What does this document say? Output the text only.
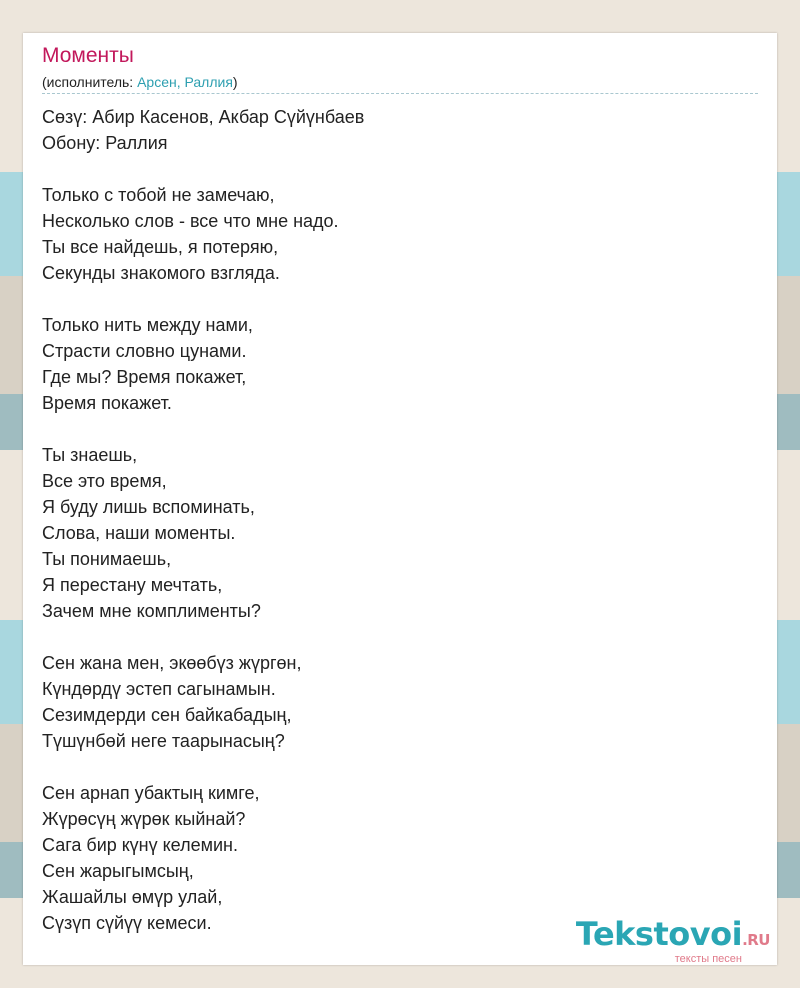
Моменты
(исполнитель: Арсен, Раллия)
Сөзү: Абир Касенов, Акбар Сүйүнбаев
Обону: Раллия
Только с тобой не замечаю,
Несколько слов - все что мне надо.
Ты все найдешь, я потеряю,
Секунды знакомого взгляда.
Только нить между нами,
Страсти словно цунами.
Где мы? Время покажет,
Время покажет.
Ты знаешь,
Все это время,
Я буду лишь вспоминать,
Слова, наши моменты.
Ты понимаешь,
Я перестану мечтать,
Зачем мне комплименты?
Сен жана мен, экөөбүз жүргөн,
Күндөрдү эстеп сагынамын.
Сезимдерди сен байкабадың,
Түшүнбөй неге таарынасың?
Сен арнап убактың кимге,
Жүрөсүң жүрөк кыйнай?
Сага бир күнү келемин.
Сен жарыгымсың,
Жашайлы өмүр улай,
Сүзүп сүйүү кемеси.	Tekstovoi.RU
тексты песен
